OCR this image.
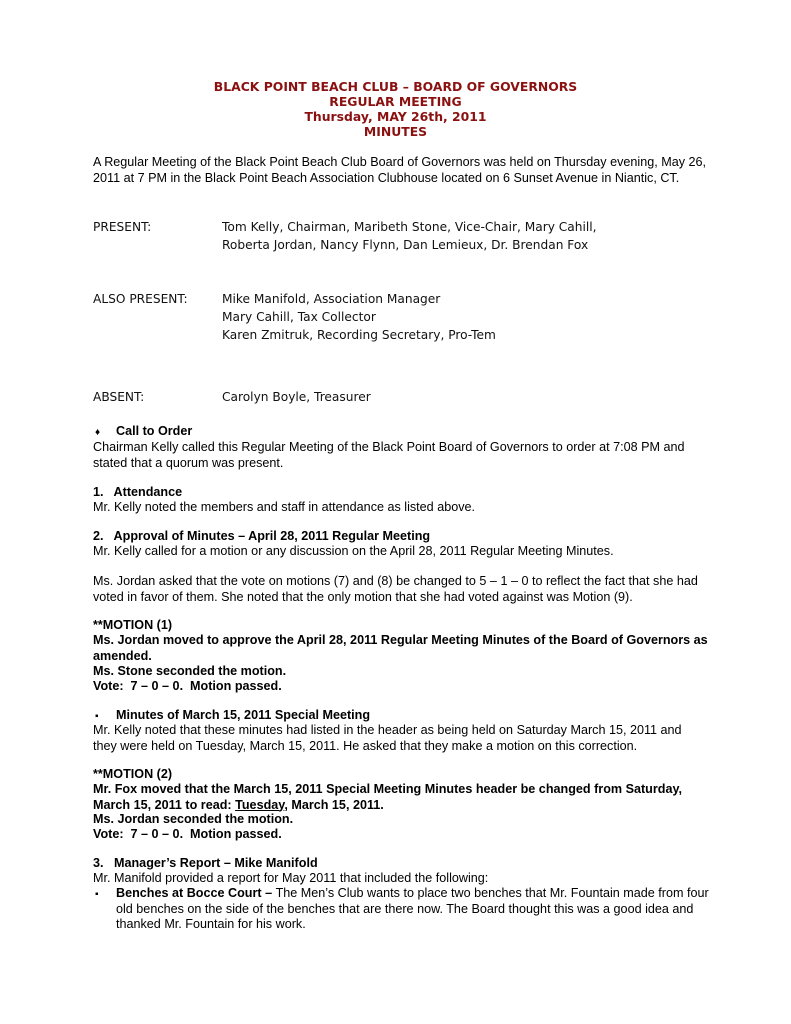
BLACK POINT BEACH CLUB – BOARD OF GOVERNORS
REGULAR MEETING
Thursday, MAY 26th, 2011
MINUTES
A Regular Meeting of the Black Point Beach Club Board of Governors was held on Thursday evening, May 26, 2011 at 7 PM in the Black Point Beach Association Clubhouse located on 6 Sunset Avenue in Niantic, CT.
PRESENT:	Tom Kelly, Chairman, Maribeth Stone, Vice-Chair, Mary Cahill,
Roberta Jordan, Nancy Flynn, Dan Lemieux, Dr. Brendan Fox
ALSO PRESENT:	Mike Manifold, Association Manager
Mary Cahill, Tax Collector
Karen Zmitruk, Recording Secretary, Pro-Tem
ABSENT:	Carolyn Boyle, Treasurer
♦ Call to Order
Chairman Kelly called this Regular Meeting of the Black Point Board of Governors to order at 7:08 PM and stated that a quorum was present.
1.   Attendance
Mr. Kelly noted the members and staff in attendance as listed above.
2.   Approval of Minutes – April 28, 2011 Regular Meeting
Mr. Kelly called for a motion or any discussion on the April 28, 2011 Regular Meeting Minutes.
Ms. Jordan asked that the vote on motions (7) and (8) be changed to 5 – 1 – 0 to reflect the fact that she had voted in favor of them. She noted that the only motion that she had voted against was Motion (9).
**MOTION (1)
Ms. Jordan moved to approve the April 28, 2011 Regular Meeting Minutes of the Board of Governors as amended.
Ms. Stone seconded the motion.
Vote:  7 – 0 – 0.  Motion passed.
▪ Minutes of March 15, 2011 Special Meeting
Mr. Kelly noted that these minutes had listed in the header as being held on Saturday March 15, 2011 and they were held on Tuesday, March 15, 2011. He asked that they make a motion on this correction.
**MOTION (2)
Mr. Fox moved that the March 15, 2011 Special Meeting Minutes header be changed from Saturday, March 15, 2011 to read: Tuesday, March 15, 2011.
Ms. Jordan seconded the motion.
Vote:  7 – 0 – 0.  Motion passed.
3.   Manager’s Report – Mike Manifold
Mr. Manifold provided a report for May 2011 that included the following:
▪ Benches at Bocce Court – The Men’s Club wants to place two benches that Mr. Fountain made from four old benches on the side of the benches that are there now. The Board thought this was a good idea and thanked Mr. Fountain for his work.
